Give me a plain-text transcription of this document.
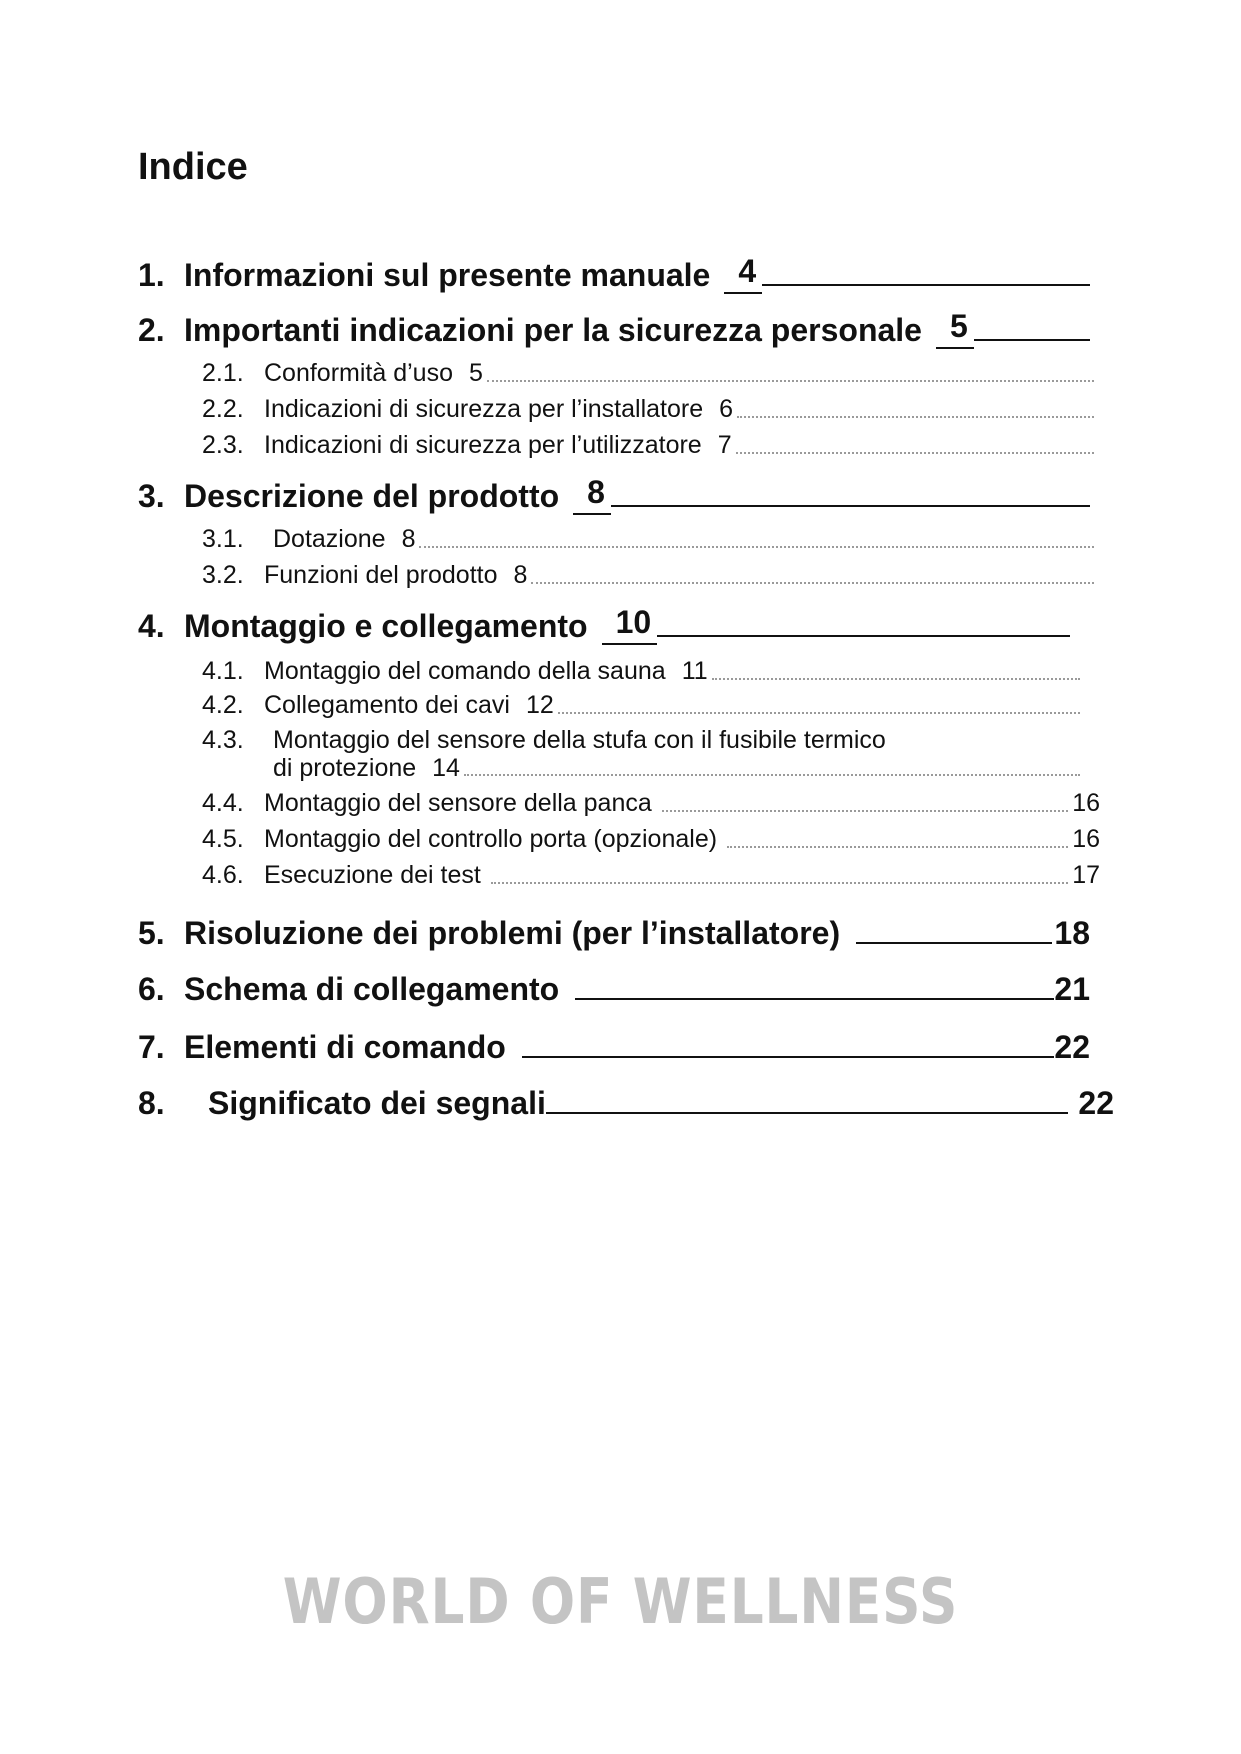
Indice
1. Informazioni sul presente manuale 4
2. Importanti indicazioni per la sicurezza personale 5
2.1. Conformità d’uso 5
2.2. Indicazioni di sicurezza per l’installatore 6
2.3. Indicazioni di sicurezza per l’utilizzatore 7
3. Descrizione del prodotto 8
3.1.	Dotazione 8
3.2. Funzioni del prodotto 8
4. Montaggio e collegamento 10
4.1. Montaggio del comando della sauna 11
4.2. Collegamento dei cavi 12
4.3.	Montaggio del sensore della stufa con il fusibile termico
di protezione 14
4.4. Montaggio del sensore della panca	16
4.5. Montaggio del controllo porta (opzionale)	16
4.6. Esecuzione dei test	17
5. Risoluzione dei problemi (per l’installatore)	18
6. Schema di collegamento	21
7. Elementi di comando	22
8.	Significato dei segnali	22
WORLD OF WELLNESS
